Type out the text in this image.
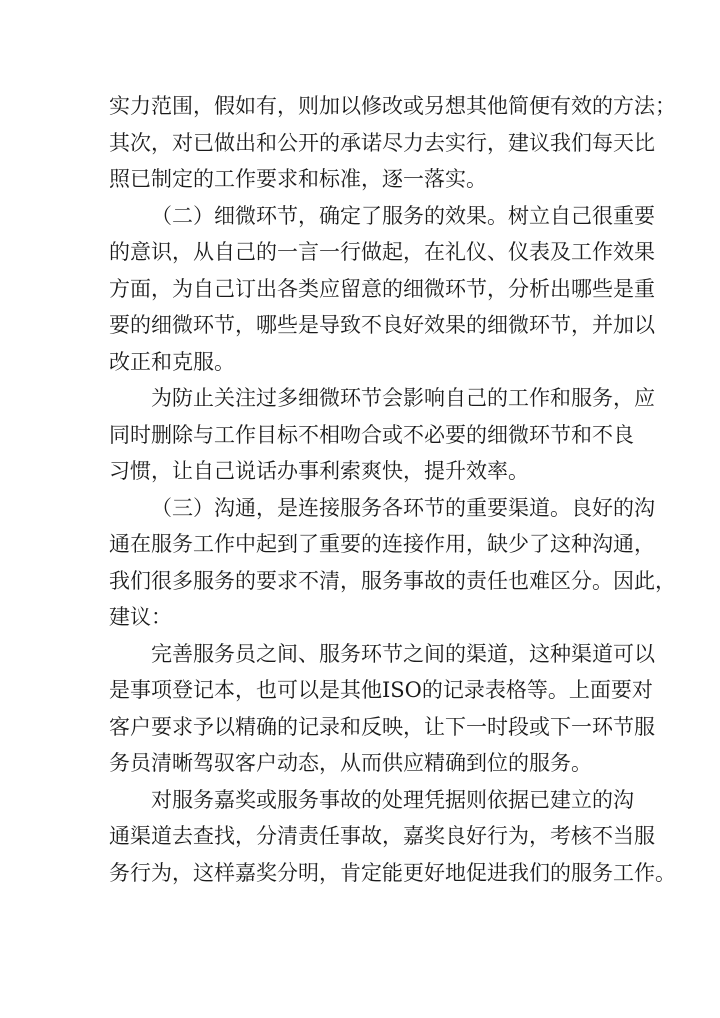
实力范围，假如有，则加以修改或另想其他简便有效的方法；
其次，对已做出和公开的承诺尽力去实行，建议我们每天比
照已制定的工作要求和标准，逐一落实。
（二）细微环节，确定了服务的效果。树立自己很重要
的意识，从自己的一言一行做起，在礼仪、仪表及工作效果
方面，为自己订出各类应留意的细微环节，分析出哪些是重
要的细微环节，哪些是导致不良好效果的细微环节，并加以
改正和克服。
为防止关注过多细微环节会影响自己的工作和服务，应
同时删除与工作目标不相吻合或不必要的细微环节和不良
习惯，让自己说话办事利索爽快，提升效率。
（三）沟通，是连接服务各环节的重要渠道。良好的沟
通在服务工作中起到了重要的连接作用，缺少了这种沟通，
我们很多服务的要求不清，服务事故的责任也难区分。因此，
建议：
完善服务员之间、服务环节之间的渠道，这种渠道可以
是事项登记本，也可以是其他ISO的记录表格等。上面要对
客户要求予以精确的记录和反映，让下一时段或下一环节服
务员清晰驾驭客户动态，从而供应精确到位的服务。
对服务嘉奖或服务事故的处理凭据则依据已建立的沟
通渠道去查找，分清责任事故，嘉奖良好行为，考核不当服
务行为，这样嘉奖分明，肯定能更好地促进我们的服务工作。
